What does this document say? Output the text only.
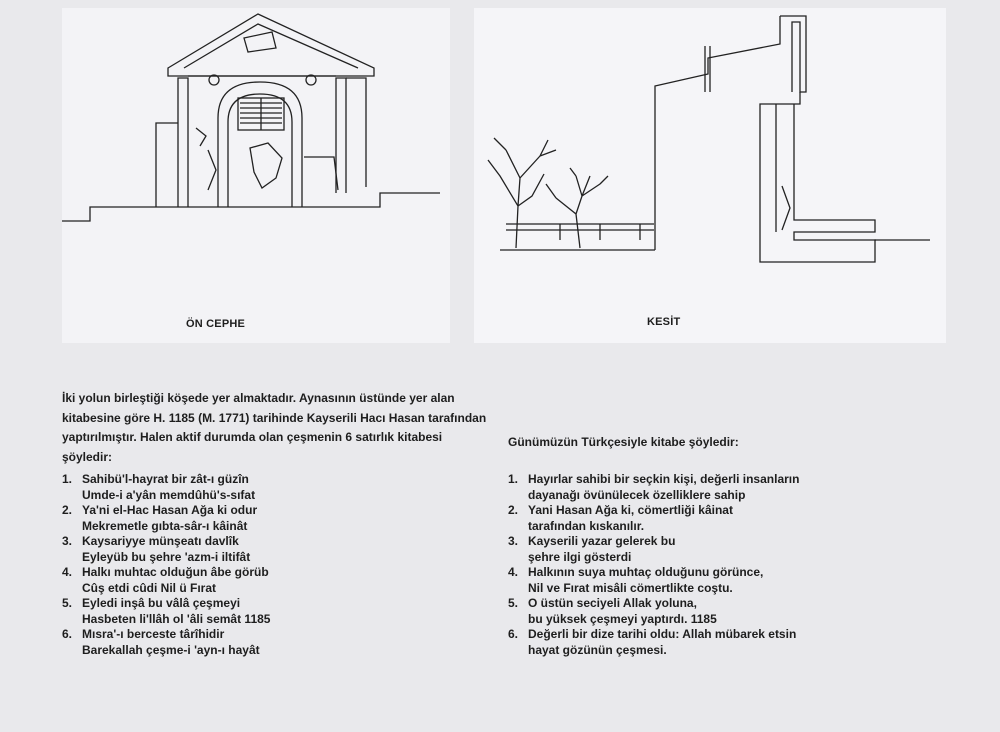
ÖN CEPHE	KESİT
İki yolun birleştiği köşede yer almaktadır. Aynasının üstünde yer alan
kitabesine göre H. 1185 (M. 1771) tarihinde Kayserili Hacı Hasan tarafından
yaptırılmıştır. Halen aktif durumda olan çeşmenin 6 satırlık kitabesi
şöyledir:
Günümüzün Türkçesiyle kitabe şöyledir:
1. Sahibü'l-hayrat bir zât-ı güzîn
Umde-i a'yân memdûhü's-sıfat
2. Ya'ni el-Hac Hasan Ağa ki odur
Mekremetle gıbta-sâr-ı kâinât
3. Kaysariyye münşeatı davlîk
Eyleyüb bu şehre 'azm-i iltifât
4. Halkı muhtac olduğun âbe görüb
Cûş etdi cûdi Nil ü Fırat
5. Eyledi inşâ bu vâlâ çeşmeyi
Hasbeten li'llâh ol 'âli semât 1185
6. Mısra'-ı berceste târîhidir
Barekallah çeşme-i 'ayn-ı hayât
1. Hayırlar sahibi bir seçkin kişi, değerli insanların
dayanağı övünülecek özelliklere sahip
2. Yani Hasan Ağa ki, cömertliği kâinat
tarafından kıskanılır.
3. Kayserili yazar gelerek bu
şehre ilgi gösterdi
4. Halkının suya muhtaç olduğunu görünce,
Nil ve Fırat misâli cömertlikte coştu.
5. O üstün seciyeli Allak yoluna,
bu yüksek çeşmeyi yaptırdı. 1185
6. Değerli bir dize tarihi oldu: Allah mübarek etsin
hayat gözünün çeşmesi.
